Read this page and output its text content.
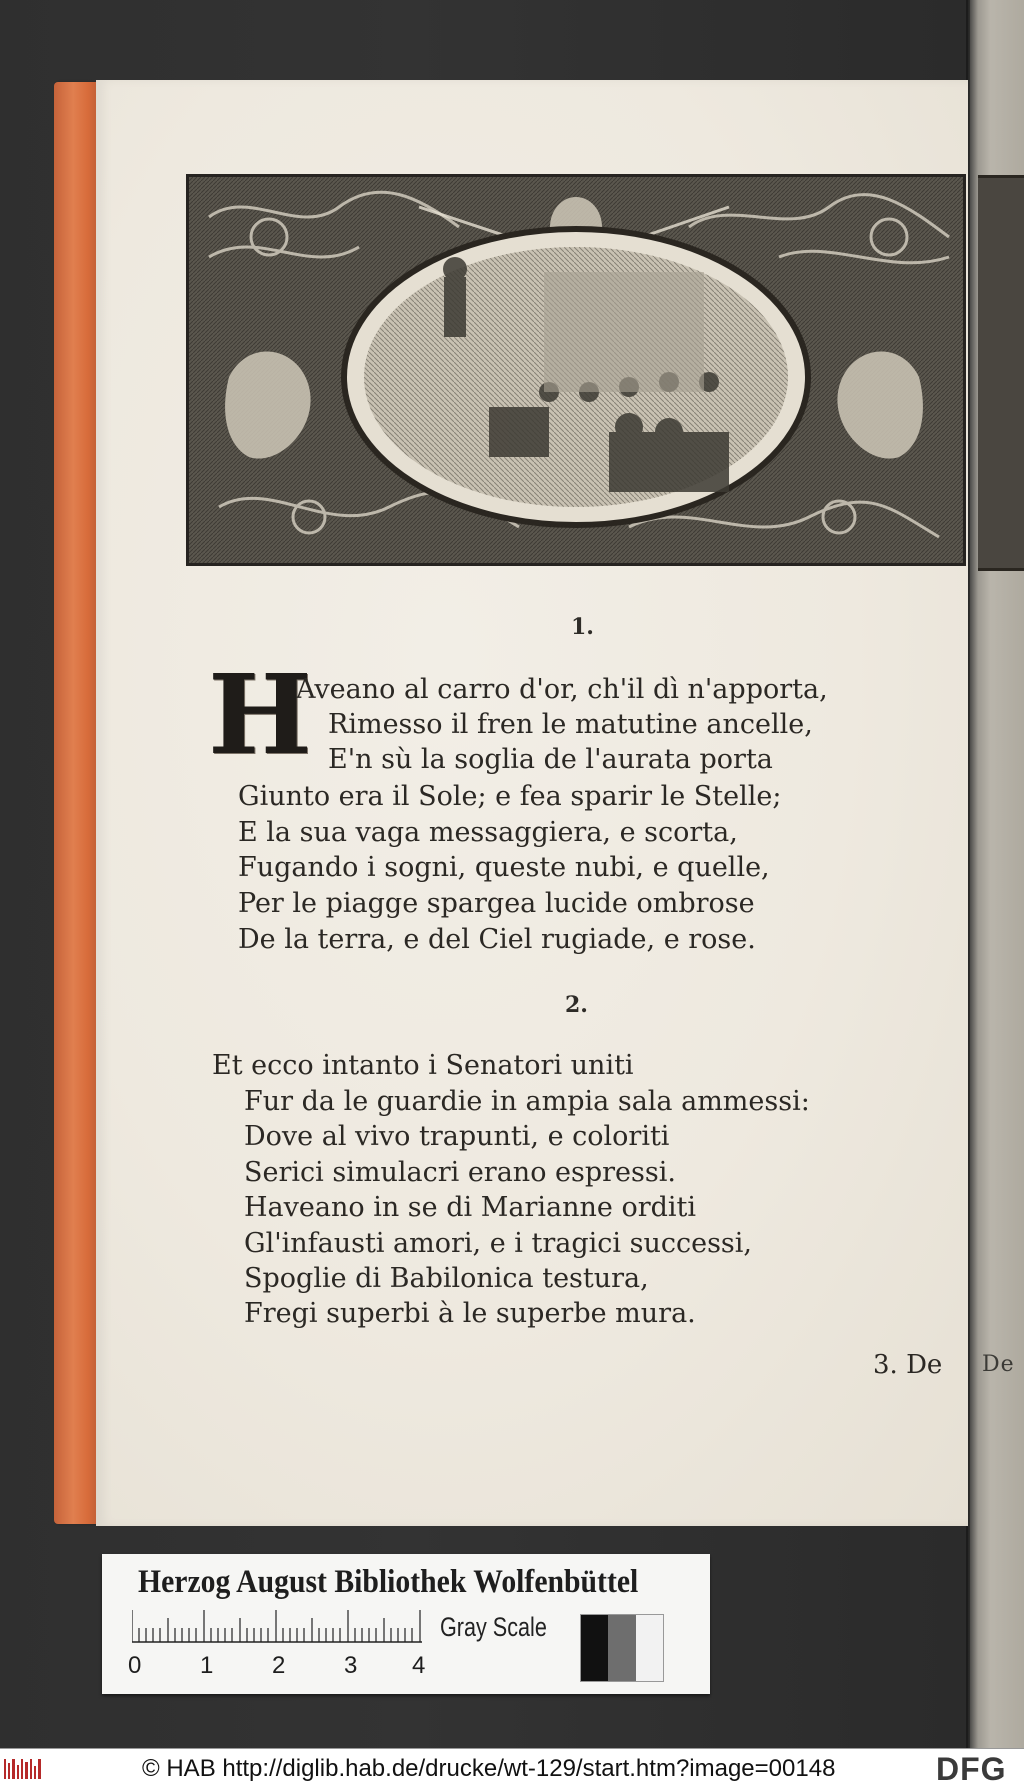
De
1.
H
Aveano al carro d'or, ch'il dì n'apporta,
Rimesso il fren le matutine ancelle,
E'n sù la soglia de l'aurata porta
Giunto era il Sole; e fea sparir le Stelle;
E la sua vaga messaggiera, e scorta,
Fugando i sogni, queste nubi, e quelle,
Per le piagge spargea lucide ombrose
De la terra, e del Ciel rugiade, e rose.
2.
Et ecco intanto i Senatori uniti
Fur da le guardie in ampia sala ammessi:
Dove al vivo trapunti, e coloriti
Serici simulacri erano espressi.
Haveano in se di Marianne orditi
Gl'infausti amori, e i tragici successi,
Spoglie di Babilonica testura,
Fregi superbi à le superbe mura.
3. De
Herzog August Bibliothek Wolfenbüttel
0 1 2 3 4
Gray Scale
© HAB http://diglib.hab.de/drucke/wt-129/start.htm?image=00148	DFG
